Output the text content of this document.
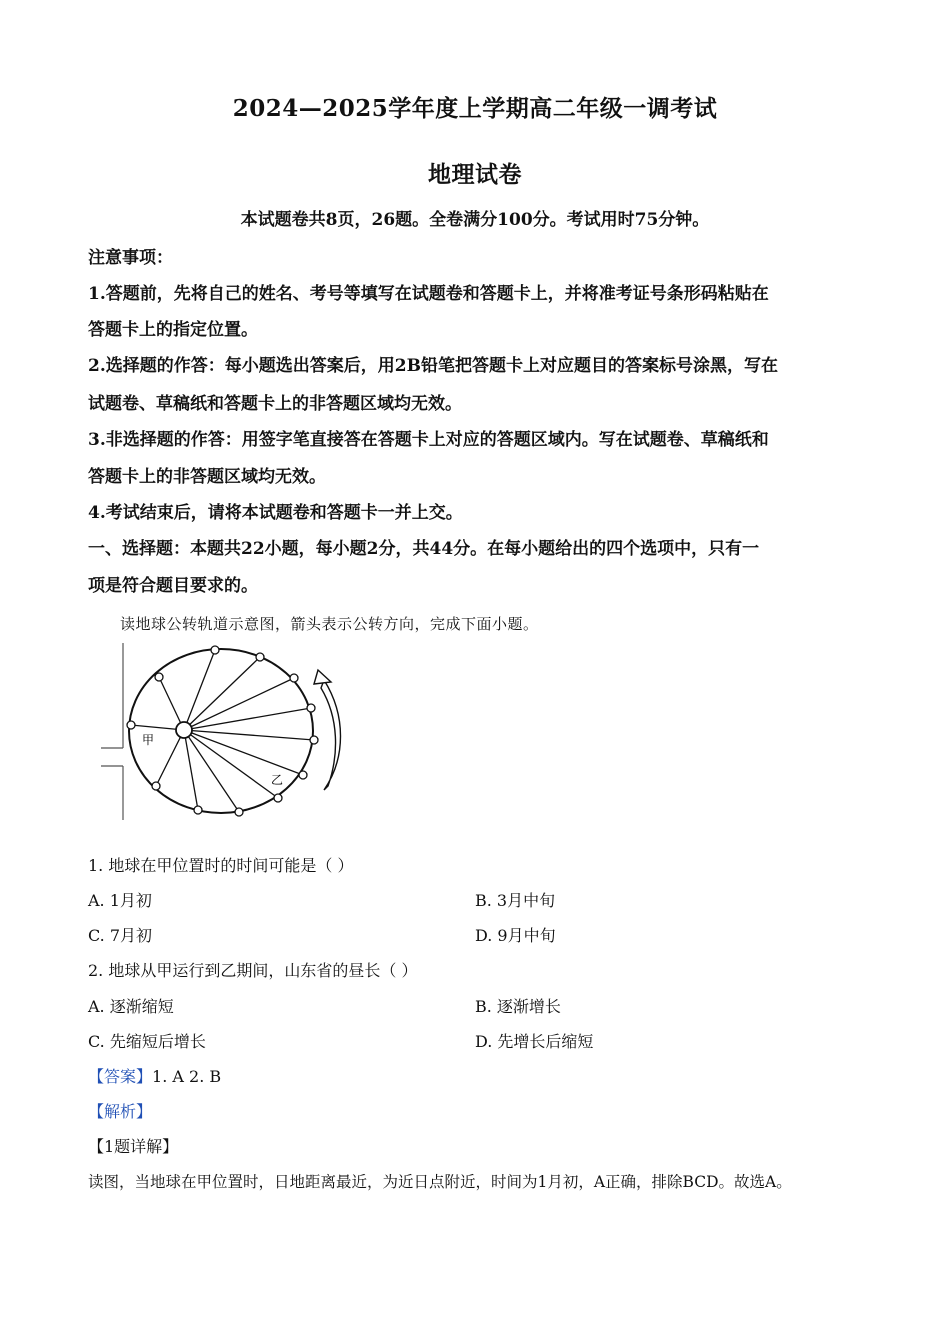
2024—2025学年度上学期高二年级一调考试
地理试卷
本试题卷共8页，26题。全卷满分100分。考试用时75分钟。
注意事项：
1.答题前，先将自己的姓名、考号等填写在试题卷和答题卡上，并将准考证号条形码粘贴在
答题卡上的指定位置。
2.选择题的作答：每小题选出答案后，用2B铅笔把答题卡上对应题目的答案标号涂黑，写在
试题卷、草稿纸和答题卡上的非答题区域均无效。
3.非选择题的作答：用签字笔直接答在答题卡上对应的答题区域内。写在试题卷、草稿纸和
答题卡上的非答题区域均无效。
4.考试结束后，请将本试题卷和答题卡一并上交。
一、选择题：本题共22小题，每小题2分，共44分。在每小题给出的四个选项中，只有一
项是符合题目要求的。
读地球公转轨道示意图，箭头表示公转方向，完成下面小题。
甲
乙
1. 地球在甲位置时的时间可能是（ ）
A. 1月初	B. 3月中旬
C. 7月初	D. 9月中旬
2. 地球从甲运行到乙期间，山东省的昼长（ ）
A. 逐渐缩短	B. 逐渐增长
C. 先缩短后增长	D. 先增长后缩短
【答案】1. A 2. B
【解析】
【1题详解】
读图，当地球在甲位置时，日地距离最近，为近日点附近，时间为1月初，A正确，排除BCD。故选A。
